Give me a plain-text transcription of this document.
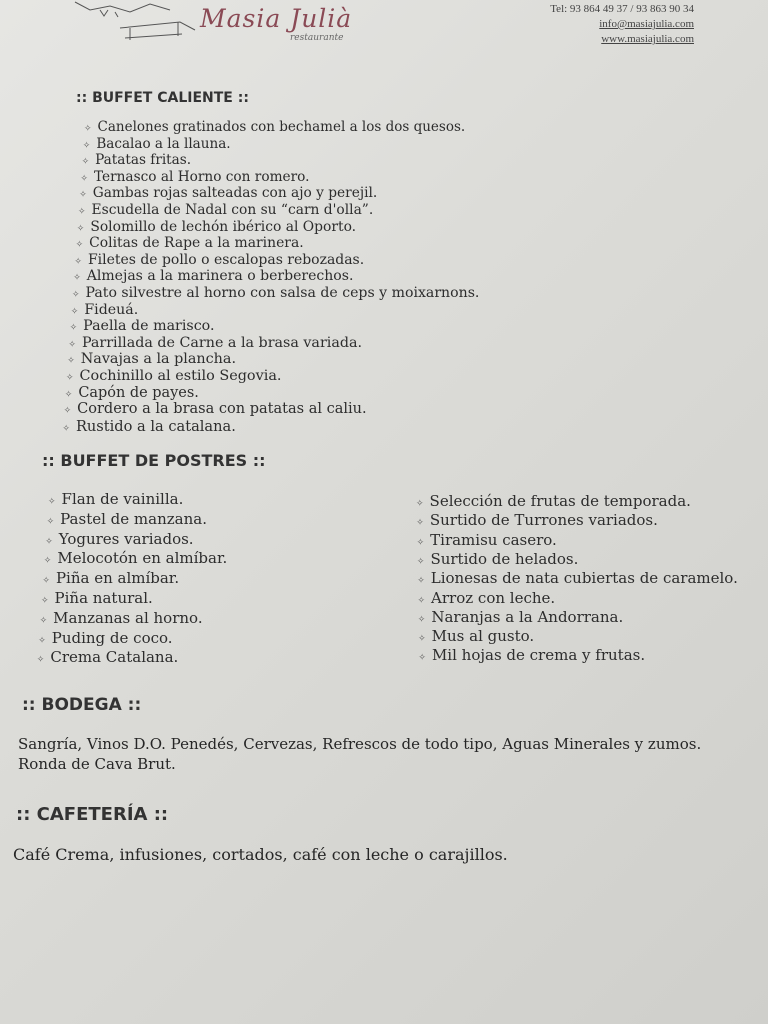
Masia Julià
restaurante
Tel: 93 864 49 37 / 93 863 90 34
info@masiajulia.com
www.masiajulia.com
:: BUFFET CALIENTE ::
✧ Canelones gratinados con bechamel a los dos quesos.
✧ Bacalao a la llauna.
✧ Patatas fritas.
✧ Ternasco al Horno con romero.
✧ Gambas rojas salteadas con ajo y perejil.
✧ Escudella de Nadal con su “carn d'olla”.
✧ Solomillo de lechón ibérico al Oporto.
✧ Colitas de Rape a la marinera.
✧ Filetes de pollo o escalopas rebozadas.
✧ Almejas a la marinera o berberechos.
✧ Pato silvestre al horno con salsa de ceps y moixarnons.
✧ Fideuá.
✧ Paella de marisco.
✧ Parrillada de Carne a la brasa variada.
✧ Navajas a la plancha.
✧ Cochinillo al estilo Segovia.
✧ Capón de payes.
✧ Cordero a la brasa con patatas al caliu.
✧ Rustido a la catalana.
:: BUFFET DE POSTRES ::
✧ Flan de vainilla.
✧ Pastel de manzana.
✧ Yogures variados.
✧ Melocotón en almíbar.
✧ Piña en almíbar.
✧ Piña natural.
✧ Manzanas al horno.
✧ Puding de coco.
✧ Crema Catalana.
✧ Selección de frutas de temporada.
✧ Surtido de Turrones variados.
✧ Tiramisu casero.
✧ Surtido de helados.
✧ Lionesas de nata cubiertas de caramelo.
✧ Arroz con leche.
✧ Naranjas a la Andorrana.
✧ Mus al gusto.
✧ Mil hojas de crema y frutas.
:: BODEGA ::
Sangría, Vinos D.O. Penedés, Cervezas, Refrescos de todo tipo, Aguas Minerales y zumos.
Ronda de Cava Brut.
:: CAFETERÍA ::
Café Crema, infusiones, cortados, café con leche o carajillos.
